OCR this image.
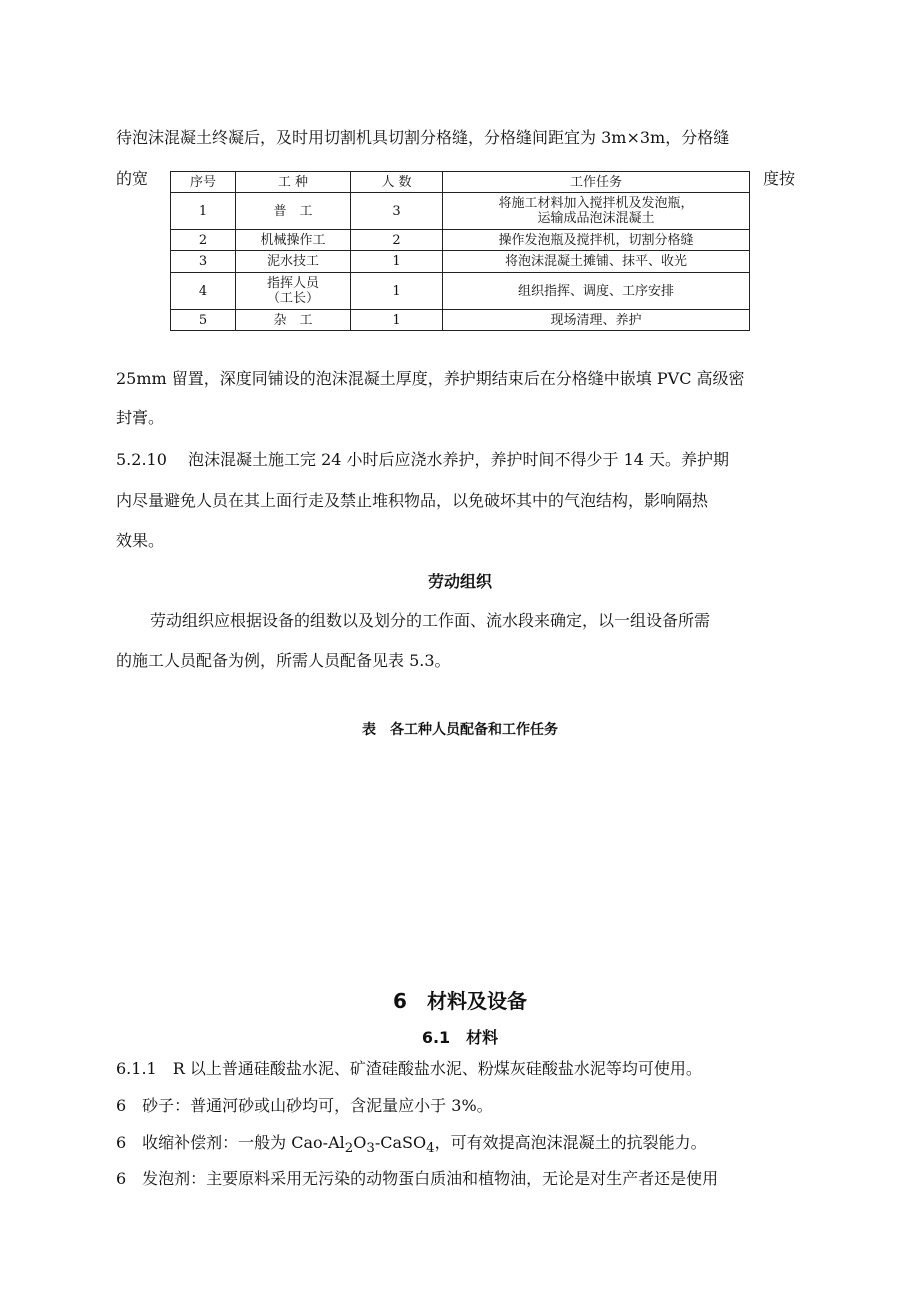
待泡沫混凝土终凝后，及时用切割机具切割分格缝，分格缝间距宜为 3m×3m，分格缝
的宽	度按
序号	工 种	人 数	工作任务
1	普　工	3	将施工材料加入搅拌机及发泡瓶，
运输成品泡沫混凝土

2	机械操作工	2	操作发泡瓶及搅拌机，切割分格缝
3	泥水技工	1	将泡沫混凝土摊铺、抹平、收光
4	指挥人员
（工长）	1	组织指挥、调度、工序安排
5	杂　工	1	现场清理、养护
25mm 留置，深度同铺设的泡沫混凝土厚度，养护期结束后在分格缝中嵌填 PVC 高级密
封膏。
5.2.10　 泡沫混凝土施工完 24 小时后应浇水养护，养护时间不得少于 14 天。养护期
内尽量避免人员在其上面行走及禁止堆积物品，以免破坏其中的气泡结构，影响隔热
效果。
劳动组织
劳动组织应根据设备的组数以及划分的工作面、流水段来确定，以一组设备所需
的施工人员配备为例，所需人员配备见表 5.3。
表　各工种人员配备和工作任务
6　材料及设备
6.1　材料
6.1.1　R 以上普通硅酸盐水泥、矿渣硅酸盐水泥、粉煤灰硅酸盐水泥等均可使用。
6　砂子：普通河砂或山砂均可，含泥量应小于 3%。
6　收缩补偿剂：一般为 Cao-$Al_2O_3-CaSO_4$，可有效提高泡沫混凝土的抗裂能力。
6　发泡剂：主要原料采用无污染的动物蛋白质油和植物油，无论是对生产者还是使用
